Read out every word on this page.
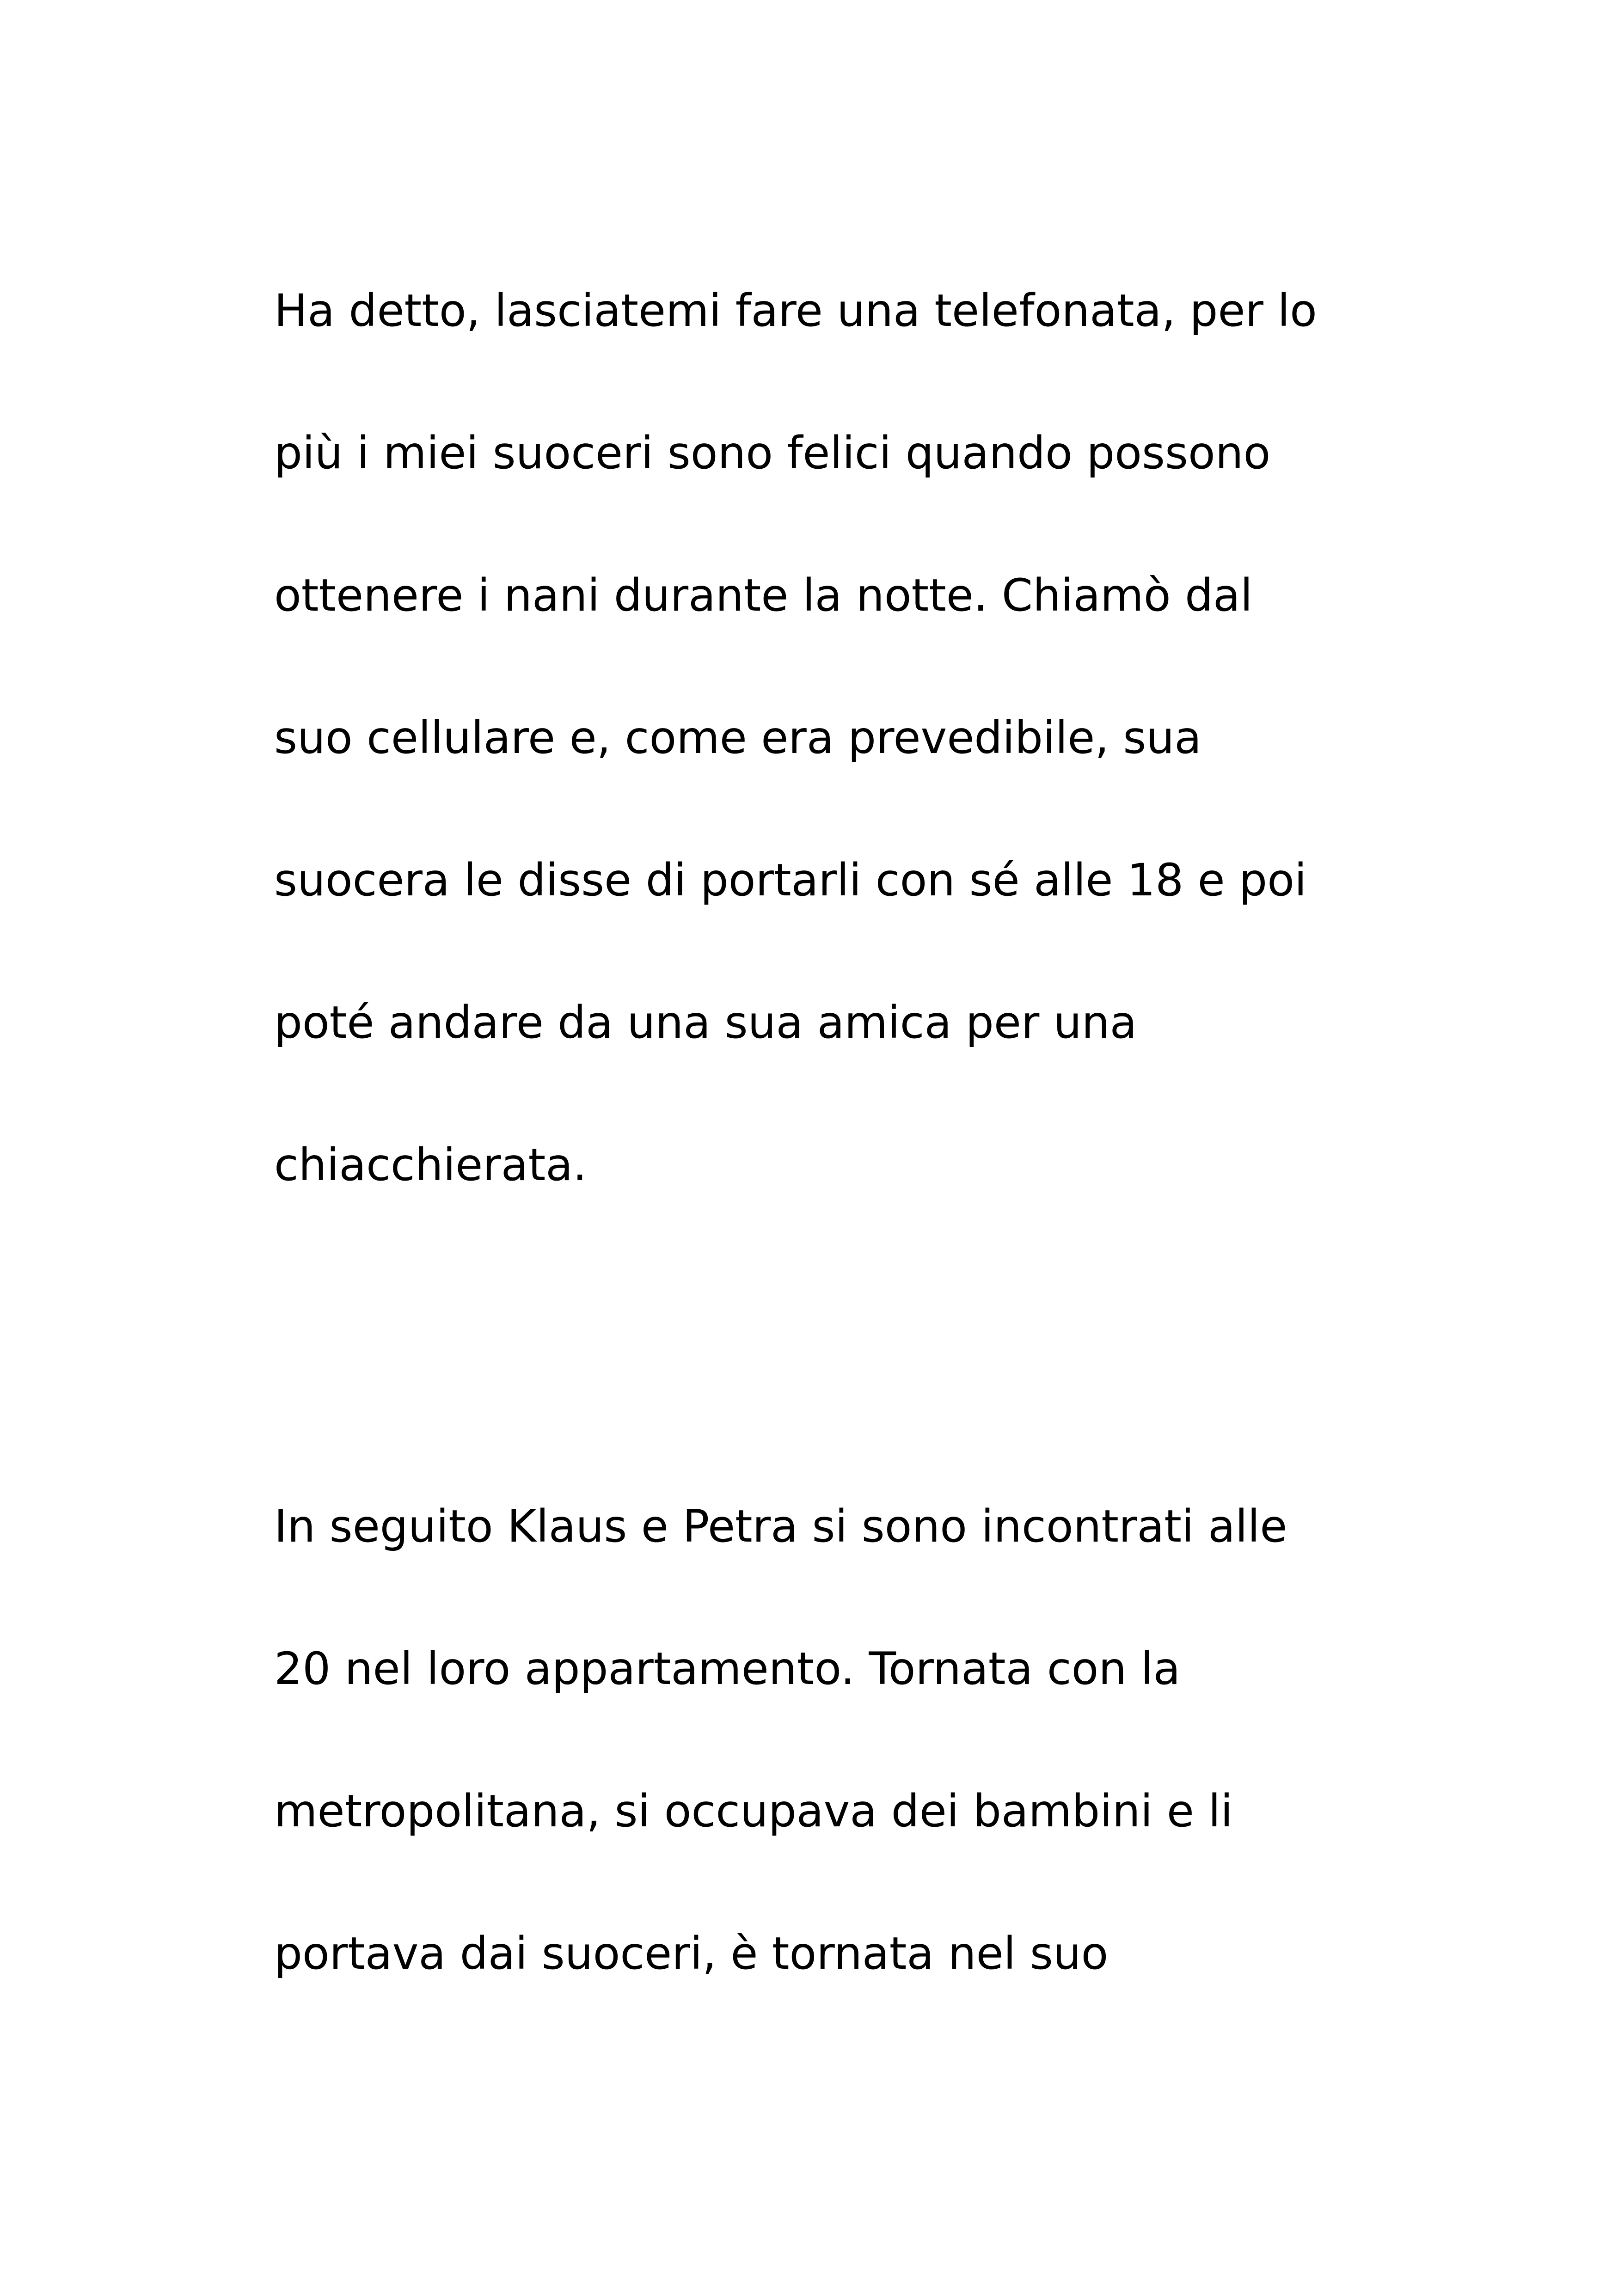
Ha detto, lasciatemi fare una telefonata, per lo

più i miei suoceri sono felici quando possono

ottenere i nani durante la notte. Chiamò dal

suo cellulare e, come era prevedibile, sua

suocera le disse di portarli con sé alle 18 e poi

poté andare da una sua amica per una

chiacchierata.

In seguito Klaus e Petra si sono incontrati alle

20 nel loro appartamento. Tornata con la

metropolitana, si occupava dei bambini e li

portava dai suoceri, è tornata nel suo
